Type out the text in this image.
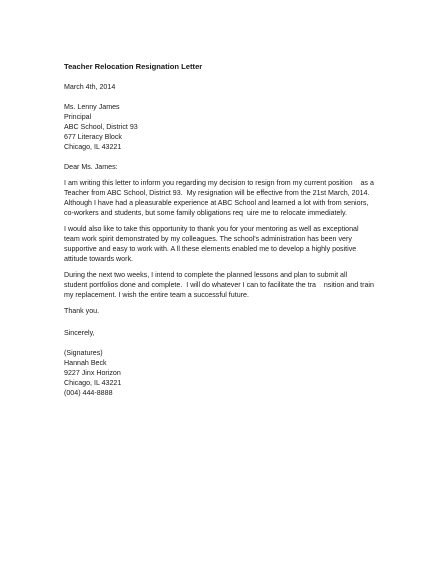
Teacher Relocation Resignation Letter
March 4th, 2014
Ms. Lenny James
Principal
ABC School, District 93
677 Literacy Block
Chicago, IL 43221
Dear Ms. James:
I am writing this letter to inform you regarding my decision to resign from my current position    as a
Teacher from ABC School, District 93.  My resignation will be effective from the 21st March, 2014.
Although I have had a pleasurable experience at ABC School and learned a lot with from seniors,
co-workers and students, but some family obligations req  uire me to relocate immediately.
I would also like to take this opportunity to thank you for your mentoring as well as exceptional
team work spirit demonstrated by my colleagues. The school's administration has been very
supportive and easy to work with. A ll these elements enabled me to develop a highly positive
attitude towards work.
During the next two weeks, I intend to complete the planned lessons and plan to submit all
student portfolios done and complete.  I will do whatever I can to facilitate the tra    nsition and train
my replacement. I wish the entire team a successful future.
Thank you.
Sincerely,
(Signatures)
Hannah Beck
9227 Jinx Horizon
Chicago, IL 43221
(004) 444-8888
